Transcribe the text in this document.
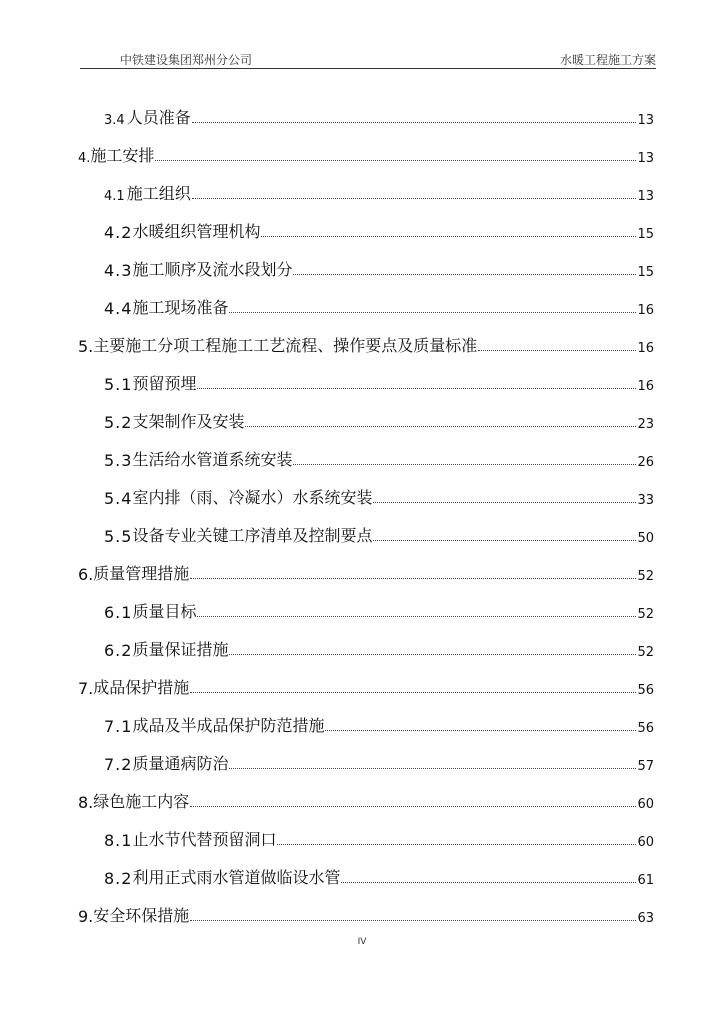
中铁建设集团郑州分公司	水暖工程施工方案
3.4 人员准备	13
4. 施工安排	13
4.1 施工组织	13
4.2 水暖组织管理机构	15
4.3 施工顺序及流水段划分	15
4.4 施工现场准备	16
5. 主要施工分项工程施工工艺流程、操作要点及质量标准	16
5.1 预留预埋	16
5.2 支架制作及安装	23
5.3 生活给水管道系统安装	26
5.4 室内排（雨、冷凝水）水系统安装	33
5.5 设备专业关键工序清单及控制要点	50
6. 质量管理措施	52
6.1 质量目标	52
6.2 质量保证措施	52
7. 成品保护措施	56
7.1 成品及半成品保护防范措施	56
7.2 质量通病防治	57
8. 绿色施工内容	60
8.1 止水节代替预留洞口	60
8.2 利用正式雨水管道做临设水管	61
9. 安全环保措施	63
IV
